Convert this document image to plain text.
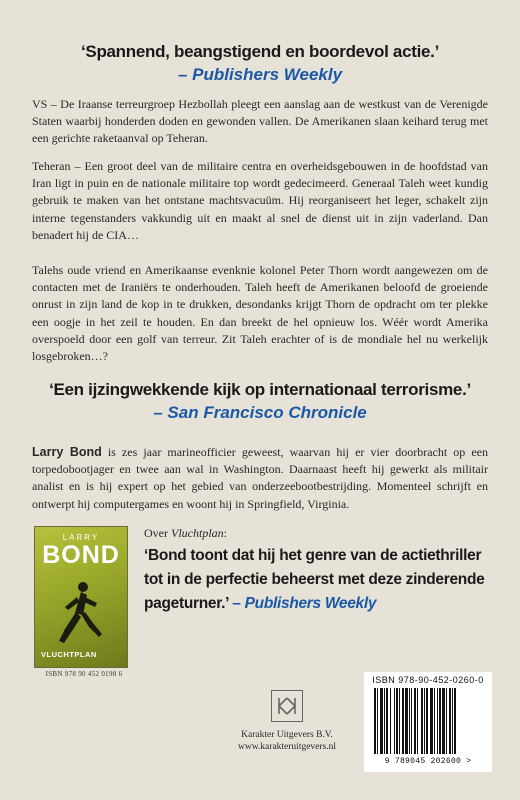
‘Spannend, beangstigend en boordevol actie.’
– Publishers Weekly
VS – De Iraanse terreurgroep Hezbollah pleegt een aanslag aan de westkust van de Verenigde Staten waarbij honderden doden en gewonden vallen. De Amerikanen slaan keihard terug met een gerichte raketaanval op Teheran.
Teheran – Een groot deel van de militaire centra en overheidsgebouwen in de hoofdstad van Iran ligt in puin en de nationale militaire top wordt gedecimeerd. Generaal Taleh weet kundig gebruik te maken van het ontstane machtsvacuüm. Hij reorganiseert het leger, schakelt zijn interne tegenstanders vakkundig uit en maakt al snel de dienst uit in zijn vaderland. Dan benadert hij de CIA…
Talehs oude vriend en Amerikaanse evenknie kolonel Peter Thorn wordt aangewezen om de contacten met de Iraniërs te onderhouden. Taleh heeft de Amerikanen beloofd de groeiende onrust in zijn land de kop in te drukken, desondanks krijgt Thorn de opdracht om ter plekke een oogje in het zeil te houden. En dan breekt de hel opnieuw los. Wéér wordt Amerika overspoeld door een golf van terreur. Zit Taleh erachter of is de mondiale hel nu werkelijk losgebroken…?
‘Een ijzingwekkende kijk op internationaal terrorisme.’
– San Francisco Chronicle
Larry Bond is zes jaar marineofficier geweest, waarvan hij er vier doorbracht op een torpedobootjager en twee aan wal in Washington. Daarnaast heeft hij gewerkt als militair analist en is hij expert op het gebied van onderzeebootbestrijding. Momenteel schrijft en ontwerpt hij computergames en woont hij in Springfield, Virginia.
LARRY
BOND
VLUCHTPLAN
ISBN 978 90 452 0198 6
Over Vluchtplan:
‘Bond toont dat hij het genre van de actiethriller tot in de perfectie beheerst met deze zinderende pageturner.’ – Publishers Weekly
Karakter Uitgevers B.V.
www.karakteruitgevers.nl
ISBN 978-90-452-0260-0
9 789045 202600 >
